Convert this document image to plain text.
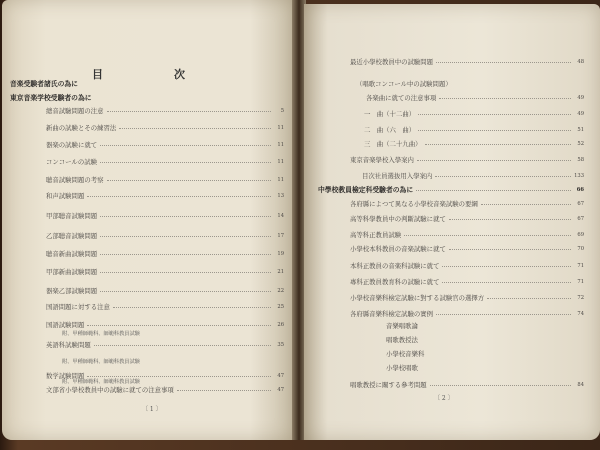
目　次
音楽受験者諸氏の為に
東京音楽学校受験者の為に
總音試驗問題の注意	5
新曲の試験とその練習法	11
器楽の試験に就て	11
コンコールの試験	11
聴音試験問題の考察	11
和声試験問題	13
甲部聴音試験問題	14
乙部聴音試験問題	17
聴音新曲試験問題	19
甲部新曲試験問題	21
器楽乙部試験問題	22
国語問題に対する注意	25
国語試験問題	26
英語科試験問題	35
数学試験問題	47
文部省小學校教員中の試驗に就ての注意事項	47
附、甲種師範科、師範科教員試験
附、甲種師範科、師範科教員試験
附、甲種師範科、師範科教員試験
〔 1 〕
最近小學校教員中の試驗問題	48
（唱歌コンコール中の試験問題）
各楽曲に就ての注意事項	49
一　曲（十二曲）	49
二　曲（六　曲）	51
三　曲（二十九曲）	52
東京音楽學校入學案内	58
目次社員選抜用入學案内	133
中學校教員檢定科受驗者の為に	66
各府縣によつて異なる小學校音楽試験の要綱	67
高等科學教員中の判斷試驗に就て	67
高等科正教員試験	69
小學校本科教員の音楽試験に就て	70
本科正教員の音楽科試験に就て	71
專科正教員教育科の試驗に就て	71
小學校音樂科檢定試驗に對する試験官の選擇方	72
各府縣音樂科檢定試驗の實例	74
音樂唱歌論
唱歌教授法
小學校音樂科
小學校唱歌
唱歌教授に關する參考問題	84
〔 2 〕
